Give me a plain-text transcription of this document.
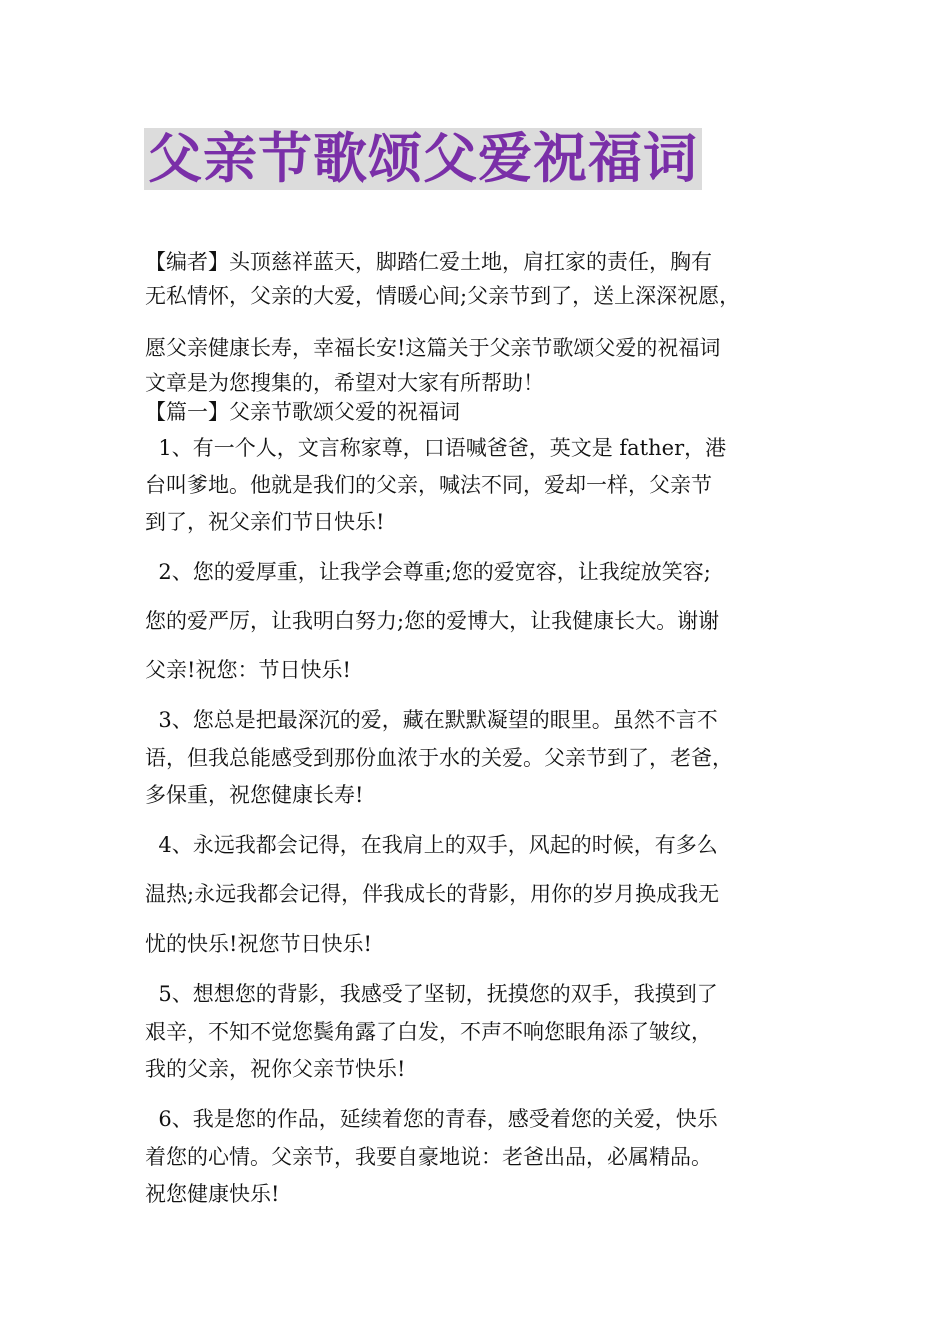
父亲节歌颂父爱祝福词
【编者】头顶慈祥蓝天，脚踏仁爱土地，肩扛家的责任，胸有
无私情怀，父亲的大爱，情暖心间;父亲节到了，送上深深祝愿，
愿父亲健康长寿，幸福长安!这篇关于父亲节歌颂父爱的祝福词
文章是为您搜集的，希望对大家有所帮助！
【篇一】父亲节歌颂父爱的祝福词
1、有一个人，文言称家尊，口语喊爸爸，英文是 father，港
台叫爹地。他就是我们的父亲，喊法不同，爱却一样，父亲节
到了，祝父亲们节日快乐!
2、您的爱厚重，让我学会尊重;您的爱宽容，让我绽放笑容;
您的爱严厉，让我明白努力;您的爱博大，让我健康长大。谢谢
父亲!祝您：节日快乐!
3、您总是把最深沉的爱，藏在默默凝望的眼里。虽然不言不
语，但我总能感受到那份血浓于水的关爱。父亲节到了，老爸，
多保重，祝您健康长寿!
4、永远我都会记得，在我肩上的双手，风起的时候，有多么
温热;永远我都会记得，伴我成长的背影，用你的岁月换成我无
忧的快乐!祝您节日快乐!
5、想想您的背影，我感受了坚韧，抚摸您的双手，我摸到了
艰辛，不知不觉您鬓角露了白发，不声不响您眼角添了皱纹，
我的父亲，祝你父亲节快乐!
6、我是您的作品，延续着您的青春，感受着您的关爱，快乐
着您的心情。父亲节，我要自豪地说：老爸出品，必属精品。
祝您健康快乐!
